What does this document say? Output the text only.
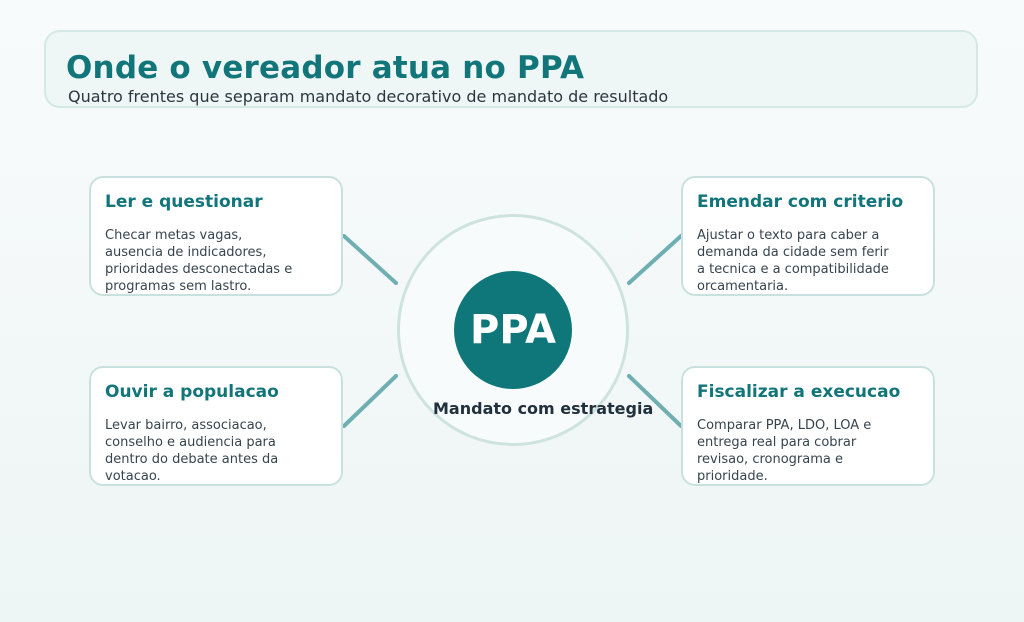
Onde o vereador atua no PPA
Quatro frentes que separam mandato decorativo de mandato de resultado
PPA
Mandato com estrategia
Ler e questionar
Checar metas vagas,
ausencia de indicadores,
prioridades desconectadas e
programas sem lastro.
Emendar com criterio
Ajustar o texto para caber a
demanda da cidade sem ferir
a tecnica e a compatibilidade
orcamentaria.
Ouvir a populacao
Levar bairro, associacao,
conselho e audiencia para
dentro do debate antes da
votacao.
Fiscalizar a execucao
Comparar PPA, LDO, LOA e
entrega real para cobrar
revisao, cronograma e
prioridade.
